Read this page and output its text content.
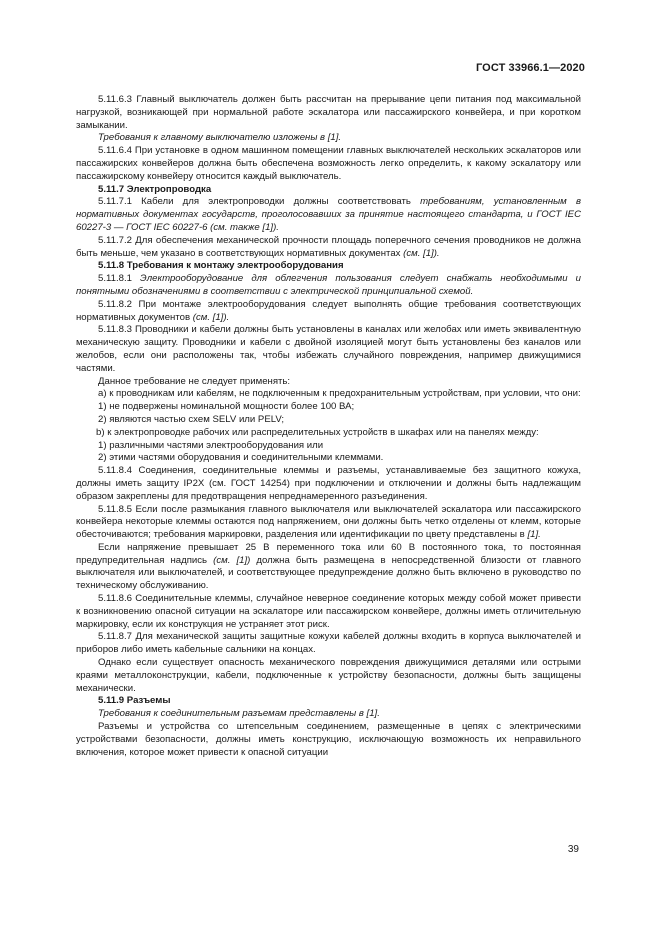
ГОСТ 33966.1—2020

5.11.6.3 Главный выключатель должен быть рассчитан на прерывание цепи питания под максимальной нагрузкой, возникающей при нормальной работе эскалатора или пассажирского конвейера, и при коротком замыкании.

Требования к главному выключателю изложены в [1].

5.11.6.4 При установке в одном машинном помещении главных выключателей нескольких эскалаторов или пассажирских конвейеров должна быть обеспечена возможность легко определить, к какому эскалатору или пассажирскому конвейеру относится каждый выключатель.

5.11.7 Электропроводка

5.11.7.1 Кабели для электропроводки должны соответствовать требованиям, установленным в нормативных документах государств, проголосовавших за принятие настоящего стандарта, и ГОСТ IEC 60227-3 — ГОСТ IEC 60227-6 (см. также [1]).

5.11.7.2 Для обеспечения механической прочности площадь поперечного сечения проводников не должна быть меньше, чем указано в соответствующих нормативных документах (см. [1]).

5.11.8 Требования к монтажу электрооборудования

5.11.8.1 Электрооборудование для облегчения пользования следует снабжать необходимыми и понятными обозначениями в соответствии с электрической принципиальной схемой.

5.11.8.2 При монтаже электрооборудования следует выполнять общие требования соответствующих нормативных документов (см. [1]).

5.11.8.3 Проводники и кабели должны быть установлены в каналах или желобах или иметь эквивалентную механическую защиту. Проводники и кабели с двойной изоляцией могут быть установлены без каналов или желобов, если они расположены так, чтобы избежать случайного повреждения, например движущимися частями.

Данное требование не следует применять:

а) к проводникам или кабелям, не подключенным к предохранительным устройствам, при условии, что они:

1) не подвержены номинальной мощности более 100 ВА;

2) являются частью схем SELV или PELV;

b) к электропроводке рабочих или распределительных устройств в шкафах или на панелях между:

1) различными частями электрооборудования или

2) этими частями оборудования и соединительными клеммами.

5.11.8.4 Соединения, соединительные клеммы и разъемы, устанавливаемые без защитного кожуха, должны иметь защиту IP2X (см. ГОСТ 14254) при подключении и отключении и должны быть надлежащим образом закреплены для предотвращения непреднамеренного разъединения.

5.11.8.5 Если после размыкания главного выключателя или выключателей эскалатора или пассажирского конвейера некоторые клеммы остаются под напряжением, они должны быть четко отделены от клемм, которые обесточиваются; требования маркировки, разделения или идентификации по цвету представлены в [1].

Если напряжение превышает 25 В переменного тока или 60 В постоянного тока, то постоянная предупредительная надпись (см. [1]) должна быть размещена в непосредственной близости от главного выключателя или выключателей, и соответствующее предупреждение должно быть включено в руководство по техническому обслуживанию.

5.11.8.6 Соединительные клеммы, случайное неверное соединение которых между собой может привести к возникновению опасной ситуации на эскалаторе или пассажирском конвейере, должны иметь отличительную маркировку, если их конструкция не устраняет этот риск.

5.11.8.7 Для механической защиты защитные кожухи кабелей должны входить в корпуса выключателей и приборов либо иметь кабельные сальники на концах.

Однако если существует опасность механического повреждения движущимися деталями или острыми краями металлоконструкции, кабели, подключенные к устройству безопасности, должны быть защищены механически.

5.11.9 Разъемы

Требования к соединительным разъемам представлены в [1].

Разъемы и устройства со штепсельным соединением, размещенные в цепях с электрическими устройствами безопасности, должны иметь конструкцию, исключающую возможность их неправильного включения, которое может привести к опасной ситуации

39
